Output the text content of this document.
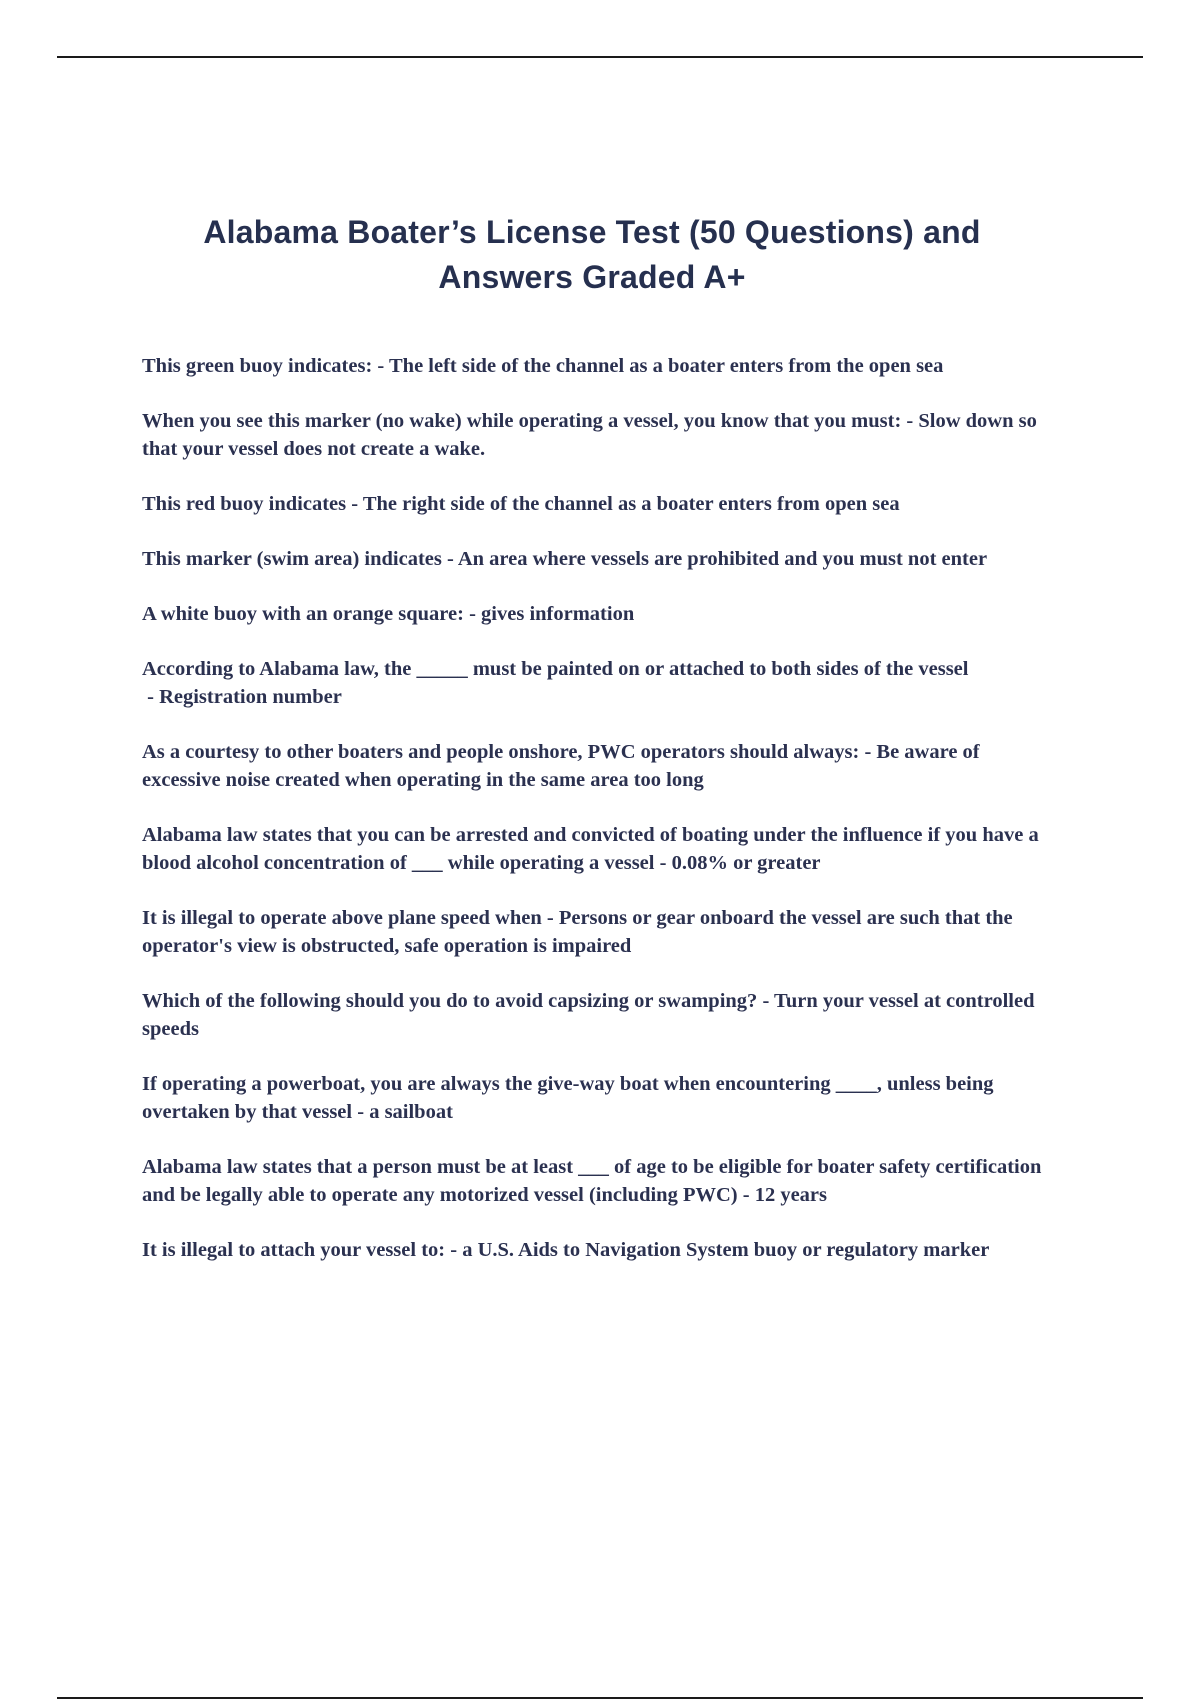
Alabama Boater’s License Test (50 Questions) and Answers Graded A+

This green buoy indicates: - The left side of the channel as a boater enters from the open sea

When you see this marker (no wake) while operating a vessel, you know that you must: - Slow down so that your vessel does not create a wake.

This red buoy indicates - The right side of the channel as a boater enters from open sea

This marker (swim area) indicates - An area where vessels are prohibited and you must not enter

A white buoy with an orange square: - gives information

According to Alabama law, the _____ must be painted on or attached to both sides of the vessel - Registration number

As a courtesy to other boaters and people onshore, PWC operators should always: - Be aware of excessive noise created when operating in the same area too long

Alabama law states that you can be arrested and convicted of boating under the influence if you have a blood alcohol concentration of ___ while operating a vessel - 0.08% or greater

It is illegal to operate above plane speed when - Persons or gear onboard the vessel are such that the operator's view is obstructed, safe operation is impaired

Which of the following should you do to avoid capsizing or swamping? - Turn your vessel at controlled speeds

If operating a powerboat, you are always the give-way boat when encountering ____, unless being overtaken by that vessel - a sailboat

Alabama law states that a person must be at least ___ of age to be eligible for boater safety certification and be legally able to operate any motorized vessel (including PWC) - 12 years

It is illegal to attach your vessel to: - a U.S. Aids to Navigation System buoy or regulatory marker
